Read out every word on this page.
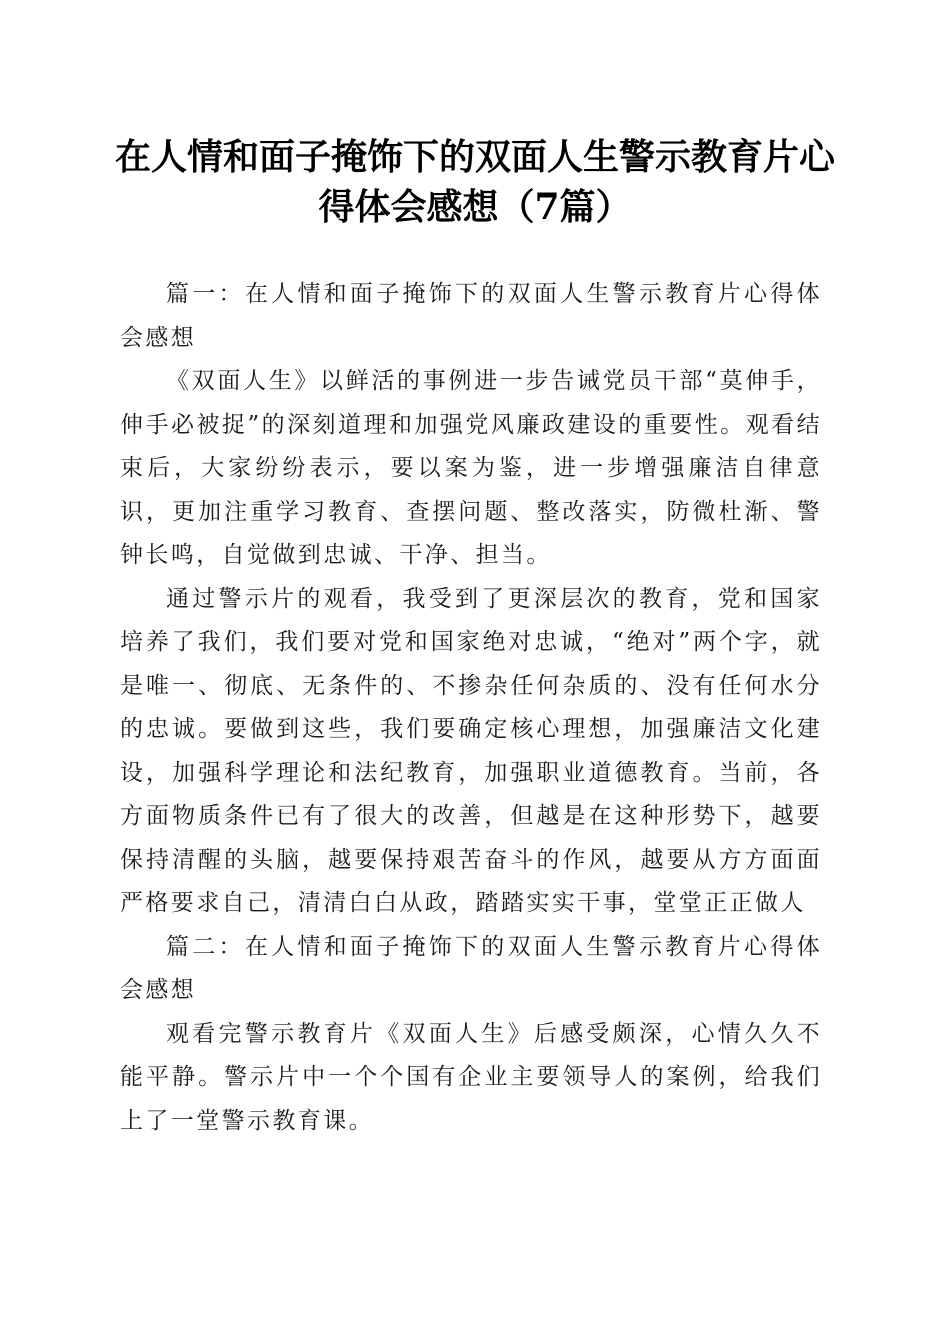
在人情和面子掩饰下的双面人生警示教育片心得体会感想（7篇）

篇一：在人情和面子掩饰下的双面人生警示教育片心得体会感想

《双面人生》以鲜活的事例进一步告诫党员干部“莫伸手，伸手必被捉”的深刻道理和加强党风廉政建设的重要性。观看结束后，大家纷纷表示，要以案为鉴，进一步增强廉洁自律意识，更加注重学习教育、查摆问题、整改落实，防微杜渐、警钟长鸣，自觉做到忠诚、干净、担当。

通过警示片的观看，我受到了更深层次的教育，党和国家培养了我们，我们要对党和国家绝对忠诚，“绝对”两个字，就是唯一、彻底、无条件的、不掺杂任何杂质的、没有任何水分的忠诚。要做到这些，我们要确定核心理想，加强廉洁文化建设，加强科学理论和法纪教育，加强职业道德教育。当前，各方面物质条件已有了很大的改善，但越是在这种形势下，越要保持清醒的头脑，越要保持艰苦奋斗的作风，越要从方方面面严格要求自己，清清白白从政，踏踏实实干事，堂堂正正做人

篇二：在人情和面子掩饰下的双面人生警示教育片心得体会感想

观看完警示教育片《双面人生》后感受颇深，心情久久不能平静。警示片中一个个国有企业主要领导人的案例，给我们上了一堂警示教育课。
